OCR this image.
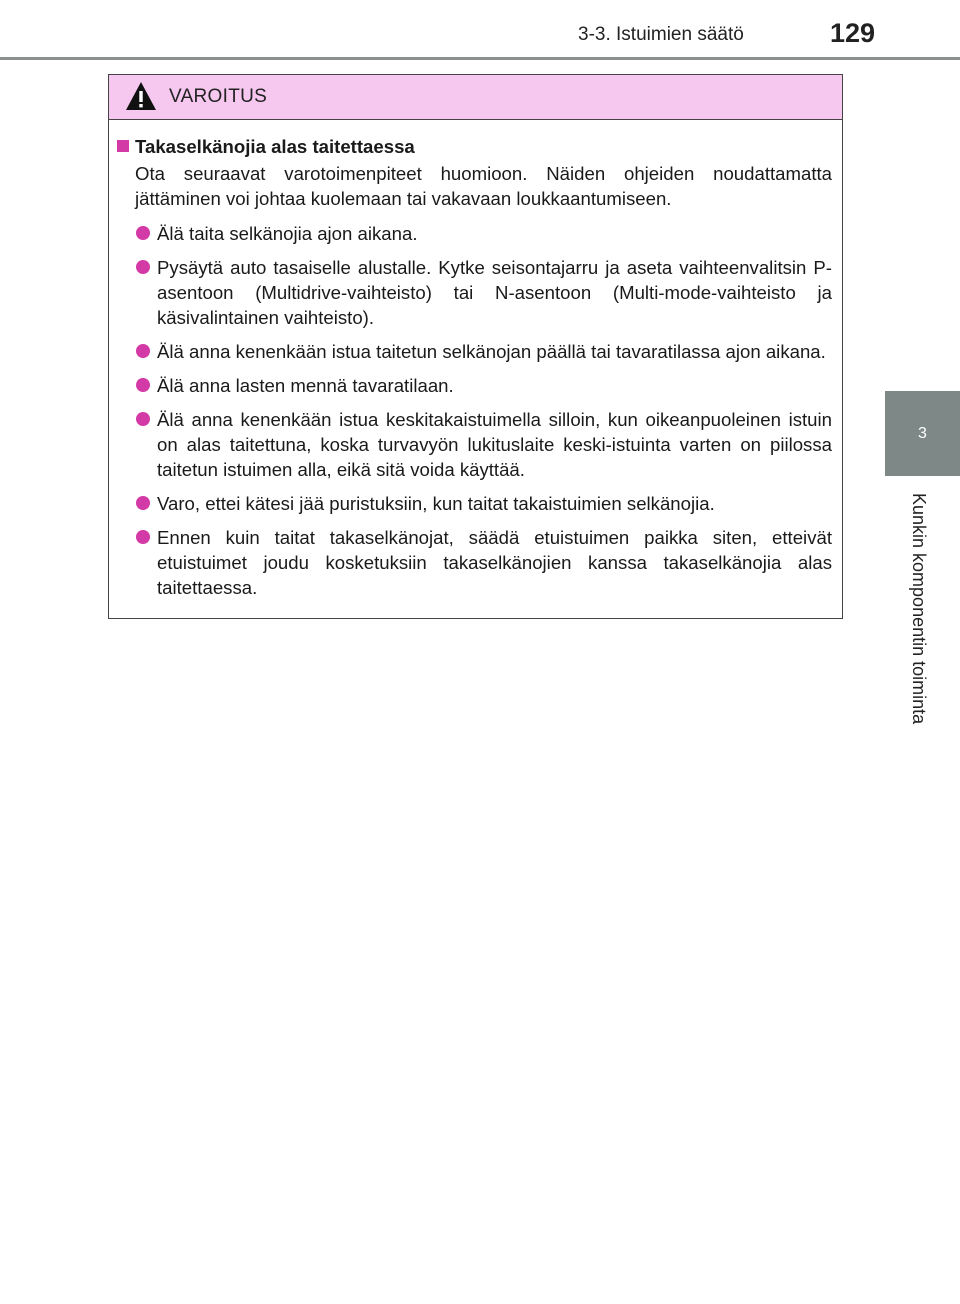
3-3. Istuimien säätö	129
3
Kunkin komponentin toiminta
VAROITUS
Takaselkänojia alas taitettaessa
Ota seuraavat varotoimenpiteet huomioon. Näiden ohjeiden noudattamatta jättäminen voi johtaa kuolemaan tai vakavaan loukkaantumiseen.
Älä taita selkänojia ajon aikana.
Pysäytä auto tasaiselle alustalle. Kytke seisontajarru ja aseta vaihteenvalitsin P-asentoon (Multidrive-vaihteisto) tai N-asentoon (Multi-mode-vaihteisto ja käsivalintainen vaihteisto).
Älä anna kenenkään istua taitetun selkänojan päällä tai tavaratilassa ajon aikana.
Älä anna lasten mennä tavaratilaan.
Älä anna kenenkään istua keskitakaistuimella silloin, kun oikeanpuoleinen istuin on alas taitettuna, koska turvavyön lukituslaite keski-istuinta varten on piilossa taitetun istuimen alla, eikä sitä voida käyttää.
Varo, ettei kätesi jää puristuksiin, kun taitat takaistuimien selkänojia.
Ennen kuin taitat takaselkänojat, säädä etuistuimen paikka siten, etteivät etuistuimet joudu kosketuksiin takaselkänojien kanssa takaselkänojia alas taitettaessa.
